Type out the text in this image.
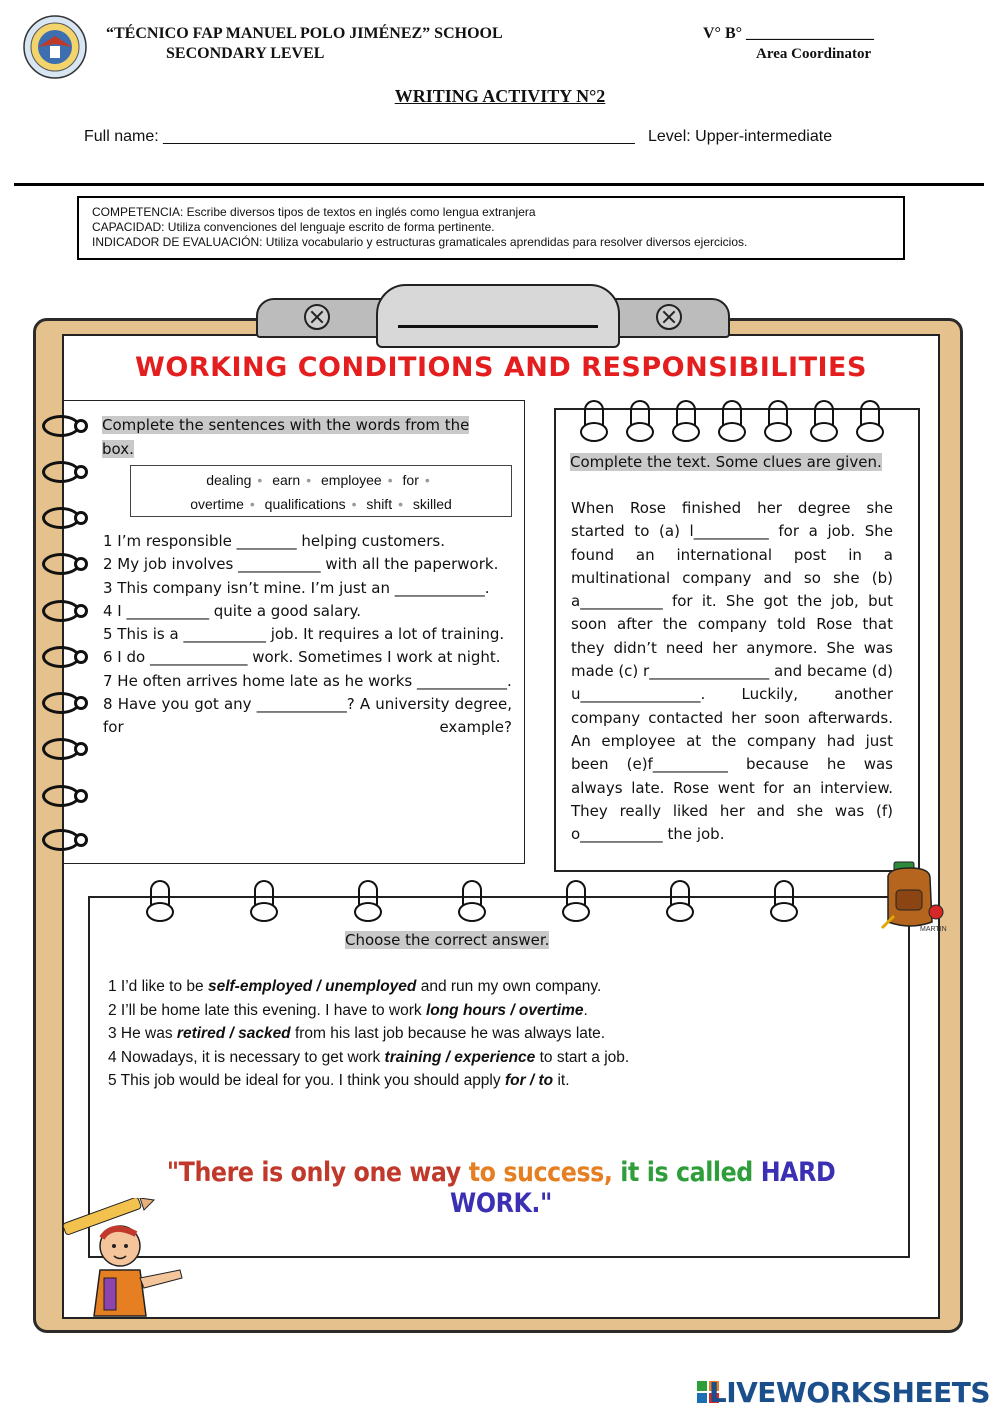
“TÉCNICO FAP MANUEL POLO JIMÉNEZ” SCHOOL
SECONDARY LEVEL
V° B° ________________
Area Coordinator
WRITING ACTIVITY N°2
Full name: _____________________________________________________ Level: Upper-intermediate
COMPETENCIA: Escribe diversos tipos de textos en inglés como lengua extranjera
CAPACIDAD: Utiliza convenciones del lenguaje escrito de forma pertinente.
INDICADOR DE EVALUACIÓN: Utiliza vocabulario y estructuras gramaticales aprendidas para resolver diversos ejercicios.
WORKING CONDITIONS AND RESPONSIBILITIES
Complete the sentences with the words from the box.
dealing • earn • employee • for •
overtime • qualifications • shift • skilled
1 I’m responsible ________ helping customers.
2 My job involves ___________ with all the paperwork.
3 This company isn’t mine. I’m just an ____________.
4 I ___________ quite a good salary.
5 This is a ___________ job. It requires a lot of training.
6 I do _____________ work. Sometimes I work at night.
7 He often arrives home late as he works ____________.
8 Have you got any ____________? A university degree, for example?
Complete the text. Some clues are given.
When Rose finished her degree she started to (a) l__________ for a job. She found an international post in a multinational company and so she (b) a___________ for it. She got the job, but soon after the company told Rose that they didn’t need her anymore. She was made (c) r________________ and became (d) u________________. Luckily, another company contacted her soon afterwards. An employee at the company had just been (e)f__________ because he was always late. Rose went for an interview. They really liked her and she was (f) o___________ the job.
Choose the correct answer.
1 I’d like to be self-employed / unemployed and run my own company.
2 I’ll be home late this evening. I have to work long hours / overtime.
3 He was retired / sacked from his last job because he was always late.
4 Nowadays, it is necessary to get work training / experience to start a job.
5 This job would be ideal for you. I think you should apply for / to it.
"There is only one way to success, it is called HARD WORK."
MARTIN
LIVEWORKSHEETS
